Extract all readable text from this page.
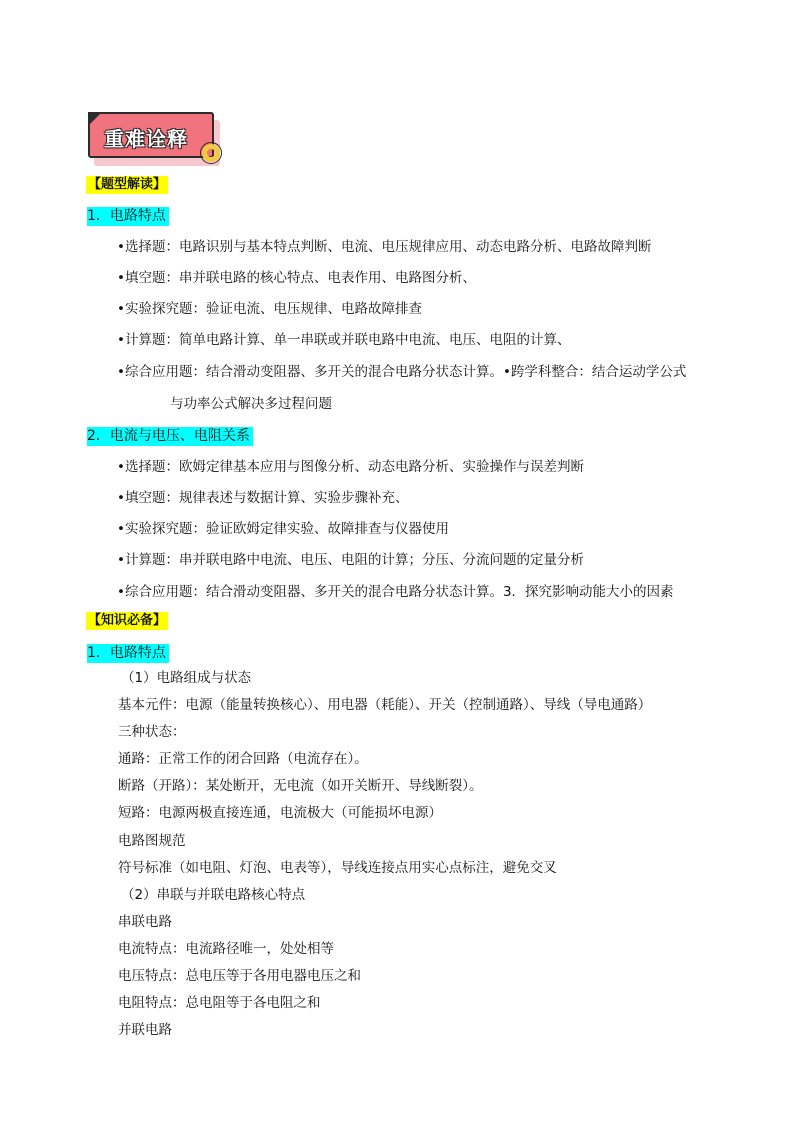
重难诠释
【题型解读】
1．电路特点
•选择题：电路识别与基本特点判断、电流、电压规律应用、动态电路分析、电路故障判断
•填空题：串并联电路的核心特点、电表作用、电路图分析、
•实验探究题：验证电流、电压规律、电路故障排查
•计算题：简单电路计算、单一串联或并联电路中电流、电压、电阻的计算、
•综合应用题：结合滑动变阻器、多开关的混合电路分状态计算。•跨学科整合：结合运动学公式
与功率公式解决多过程问题
2．电流与电压、电阻关系
•选择题：欧姆定律基本应用与图像分析、动态电路分析、实验操作与误差判断
•填空题：规律表述与数据计算、实验步骤补充、
•实验探究题：验证欧姆定律实验、故障排查与仪器使用
•计算题：串并联电路中电流、电压、电阻的计算；分压、分流问题的定量分析
•综合应用题：结合滑动变阻器、多开关的混合电路分状态计算。3．探究影响动能大小的因素
【知识必备】
1．电路特点
（1）电路组成与状态
基本元件：电源（能量转换核心）、用电器（耗能）、开关（控制通路）、导线（导电通路）
三种状态：
通路：正常工作的闭合回路（电流存在）。
断路（开路）：某处断开，无电流（如开关断开、导线断裂）。
短路：电源两极直接连通，电流极大（可能损坏电源）
电路图规范
符号标准（如电阻、灯泡、电表等），导线连接点用实心点标注，避免交叉
（2）串联与并联电路核心特点
串联电路
电流特点：电流路径唯一，处处相等
电压特点：总电压等于各用电器电压之和
电阻特点：总电阻等于各电阻之和
并联电路
